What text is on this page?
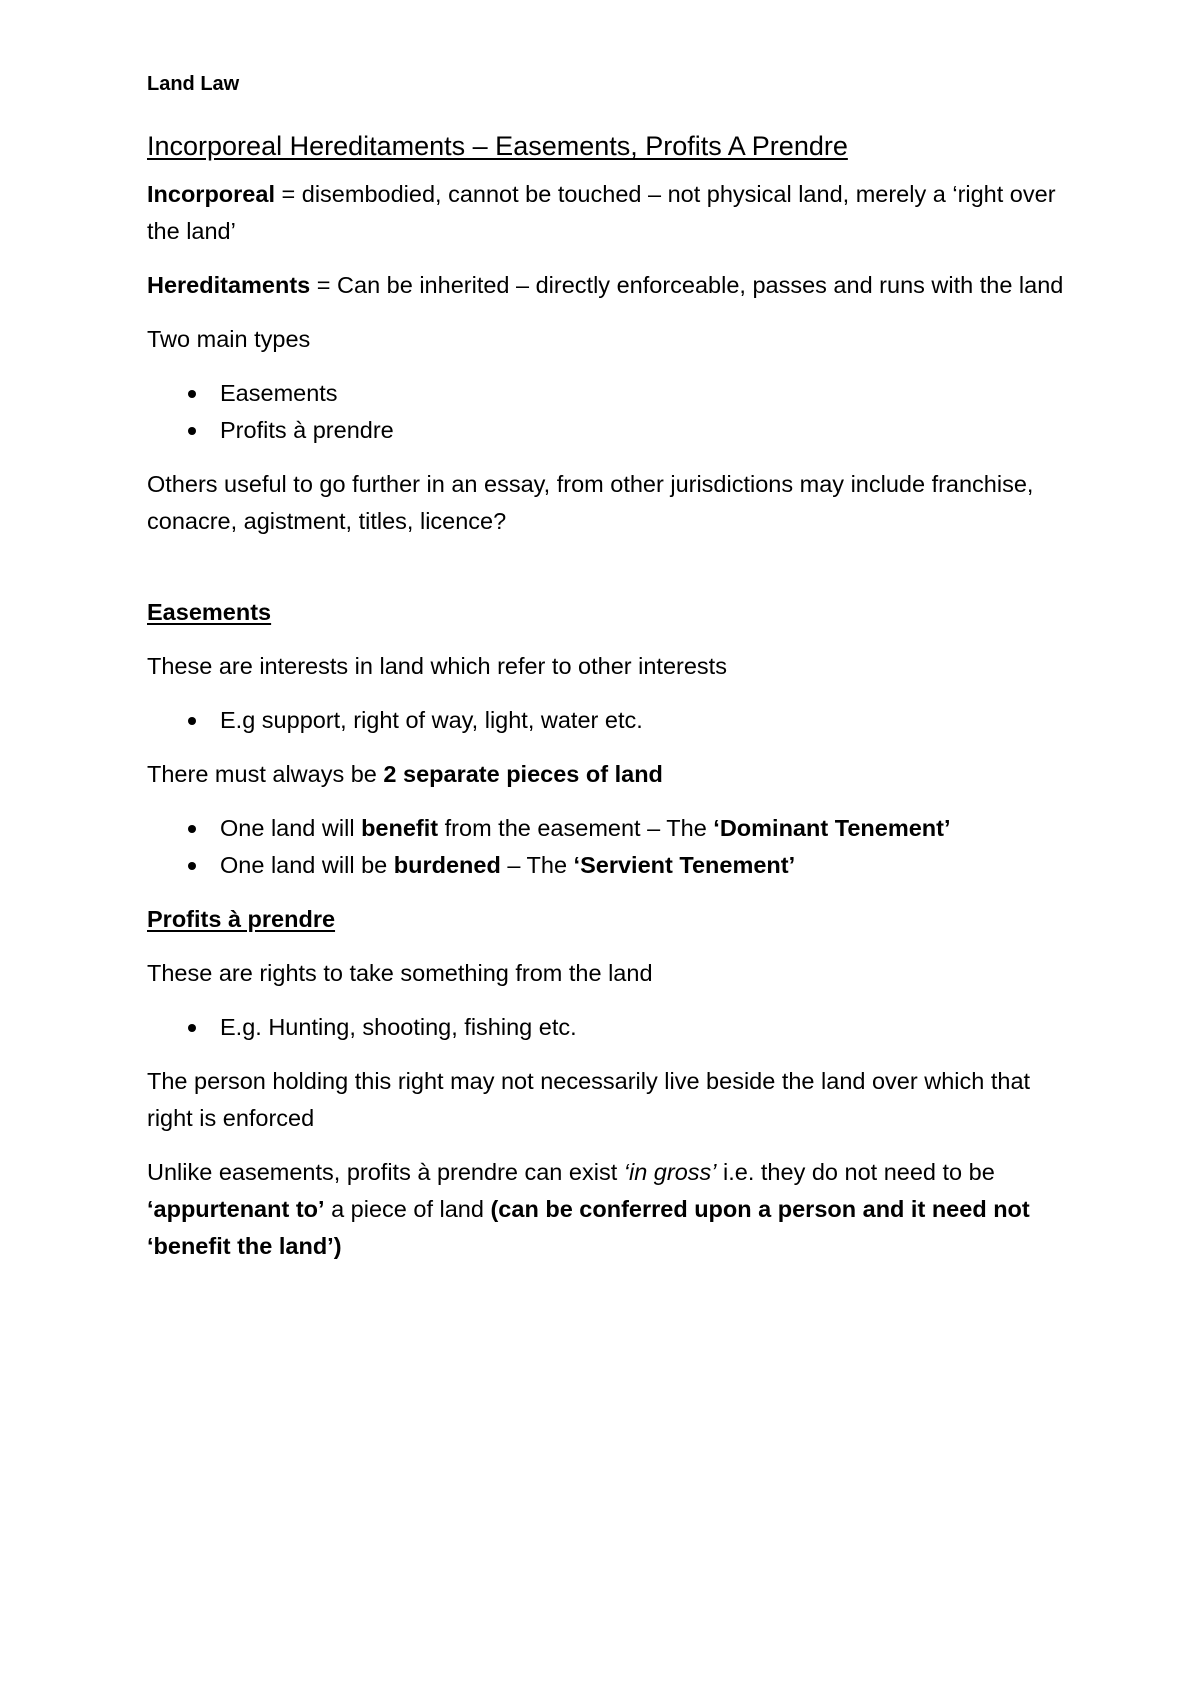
Land Law
Incorporeal Hereditaments – Easements, Profits A Prendre

Incorporeal = disembodied, cannot be touched – not physical land, merely a ‘right over the land’

Hereditaments = Can be inherited – directly enforceable, passes and runs with the land

Two main types

Easements
Profits à prendre

Others useful to go further in an essay, from other jurisdictions may include franchise, conacre, agistment, titles, licence?

Easements

These are interests in land which refer to other interests

E.g support, right of way, light, water etc.

There must always be 2 separate pieces of land

One land will benefit from the easement – The ‘Dominant Tenement’
One land will be burdened – The ‘Servient Tenement’
Profits à prendre

These are rights to take something from the land

E.g. Hunting, shooting, fishing etc.

The person holding this right may not necessarily live beside the land over which that right is enforced

Unlike easements, profits à prendre can exist ‘in gross’ i.e. they do not need to be ‘appurtenant to’ a piece of land (can be conferred upon a person and it need not ‘benefit the land’)
